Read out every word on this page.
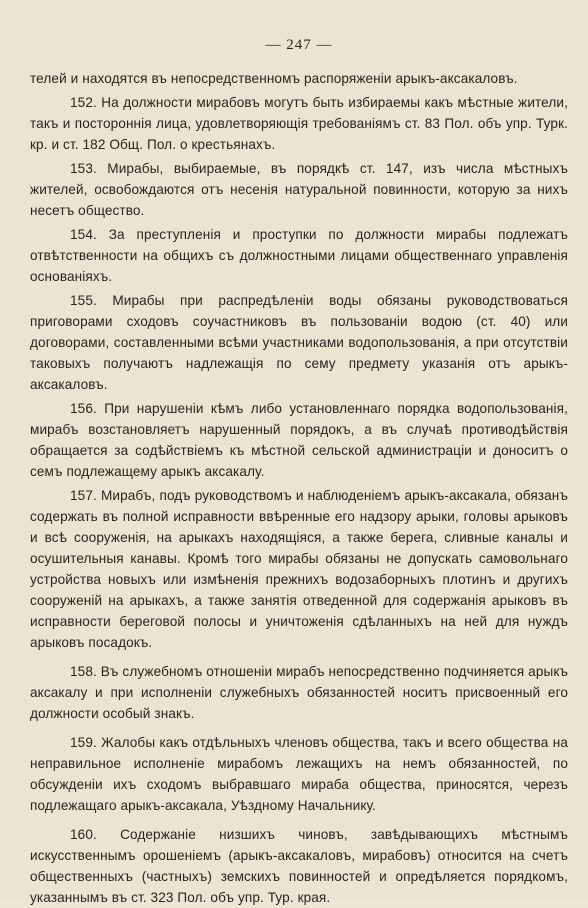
— 247 —

телей и находятся въ непосредственномъ распоряженіи арыкъ-аксакаловъ.

152. На должности мирабовъ могутъ быть избираемы какъ мѣстные жители, такъ и постороннія лица, удовлетворяющія требованіямъ ст. 83 Пол. объ упр. Турк. кр. и ст. 182 Общ. Пол. о крестьянахъ.

153. Мирабы, выбираемые, въ порядкѣ ст. 147, изъ числа мѣстныхъ жителей, освобождаются отъ несенія натуральной повинности, которую за нихъ несетъ общество.

154. За преступленія и проступки по должности мирабы подлежатъ отвѣтственности на общихъ съ должностными лицами общественнаго управленія основаніяхъ.

155. Мирабы при распредѣленіи воды обязаны руководствоваться приговорами сходовъ соучастниковъ въ пользованіи водою (ст. 40) или договорами, составленными всѣми участниками водопользованія, а при отсутствіи таковыхъ получаютъ надлежащія по сему предмету указанія отъ арыкъ-аксакаловъ.

156. При нарушеніи кѣмъ либо установленнаго порядка водопользованія, мирабъ возстановляетъ нарушенный порядокъ, а въ случаѣ противодѣйствія обращается за содѣйствіемъ къ мѣстной сельской администраціи и доноситъ о семъ подлежащему арыкъ аксакалу.

157. Мирабъ, подъ руководствомъ и наблюденіемъ арыкъ-аксакала, обязанъ содержать въ полной исправности ввѣренные его надзору арыки, головы арыковъ и всѣ сооруженія, на арыкахъ находящіяся, а также берега, сливные каналы и осушительныя канавы. Кромѣ того мирабы обязаны не допускать самовольнаго устройства новыхъ или измѣненія прежнихъ водозаборныхъ плотинъ и другихъ сооруженій на арыкахъ, а также занятія отведенной для содержанія арыковъ въ исправности береговой полосы и уничтоженія сдѣланныхъ на ней для нуждъ арыковъ посадокъ.

158. Въ служебномъ отношеніи мирабъ непосредственно подчиняется арыкъ аксакалу и при исполненіи служебныхъ обязанностей носитъ присвоенный его должности особый знакъ.

159. Жалобы какъ отдѣльныхъ членовъ общества, такъ и всего общества на неправильное исполненіе мирабомъ лежащихъ на немъ обязанностей, по обсужденіи ихъ сходомъ выбравшаго мираба общества, приносятся, черезъ подлежащаго арыкъ-аксакала, Уѣздному Начальнику.

160. Содержаніе низшихъ чиновъ, завѣдывающихъ мѣстнымъ искусственнымъ орошеніемъ (арыкъ-аксакаловъ, мирабовъ) относится на счетъ общественныхъ (частныхъ) земскихъ повинностей и опредѣляется порядкомъ, указаннымъ въ ст. 323 Пол. объ упр. Тур. края.
